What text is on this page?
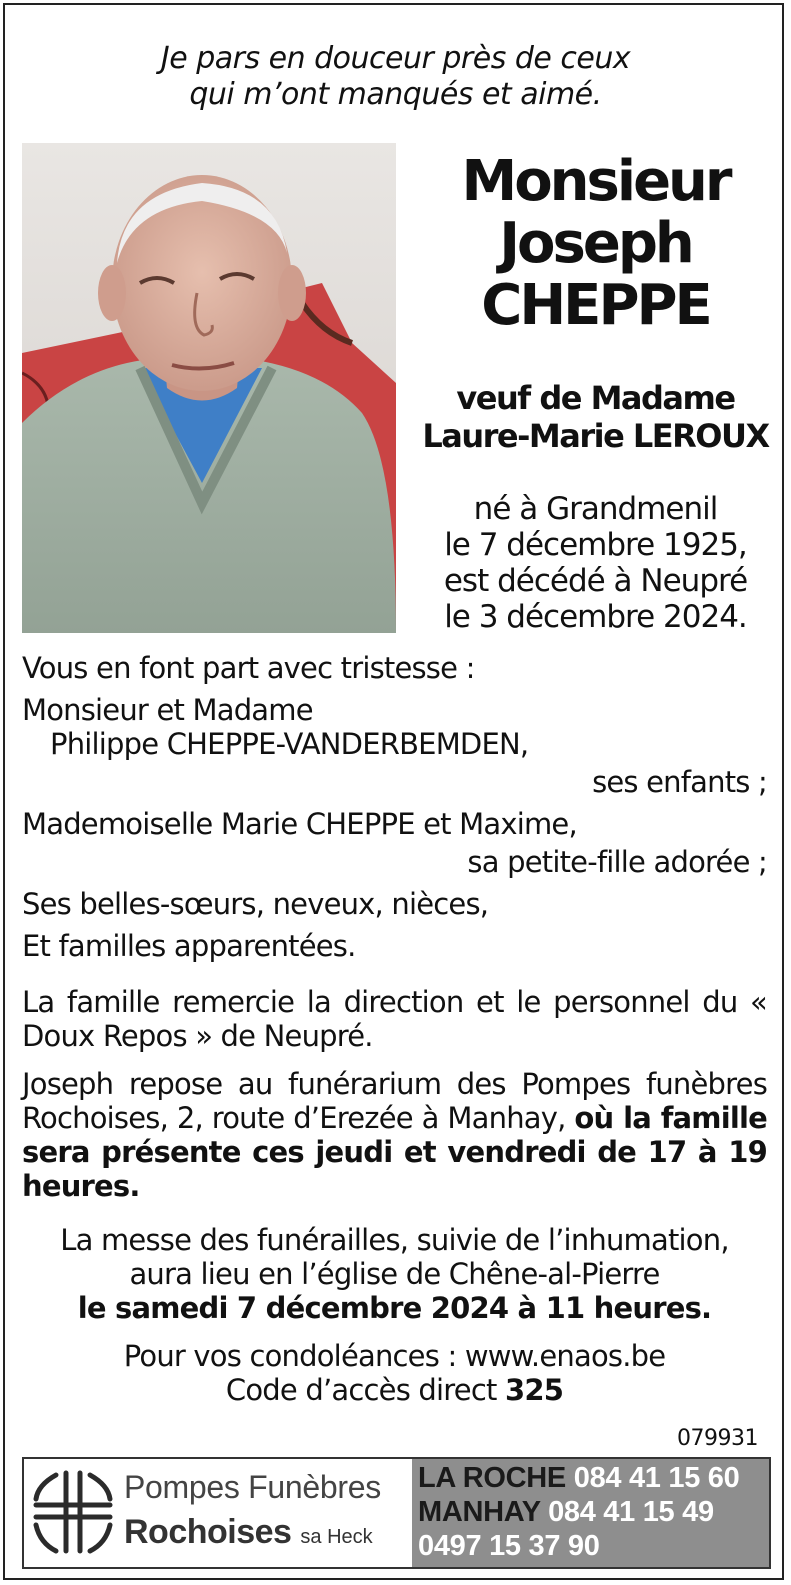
Je pars en douceur près de ceux
qui m’ont manqués et aimé.
Monsieur
Joseph
CHEPPE
veuf de Madame
Laure-Marie LEROUX
né à Grandmenil
le 7 décembre 1925,
est décédé à Neupré
le 3 décembre 2024.
Vous en font part avec tristesse :
Monsieur et Madame
Philippe CHEPPE-VANDERBEMDEN,
ses enfants ;
Mademoiselle Marie CHEPPE et Maxime,
sa petite-fille adorée ;
Ses belles-sœurs, neveux, nièces,
Et familles apparentées.
La famille remercie la direction et le personnel du « Doux Repos » de Neupré.
Joseph repose au funérarium des Pompes funèbres Rochoises, 2, route d’Erezée à Manhay, où la famille sera présente ces jeudi et vendredi de 17 à 19 heures.
La messe des funérailles, suivie de l’inhumation,
aura lieu en l’église de Chêne-al-Pierre
le samedi 7 décembre 2024 à 11 heures.
Pour vos condoléances : www.enaos.be
Code d’accès direct 325
079931
Pompes Funèbres
Rochoises sa Heck
LA ROCHE 084 41 15 60
MANHAY 084 41 15 49
0497 15 37 90
